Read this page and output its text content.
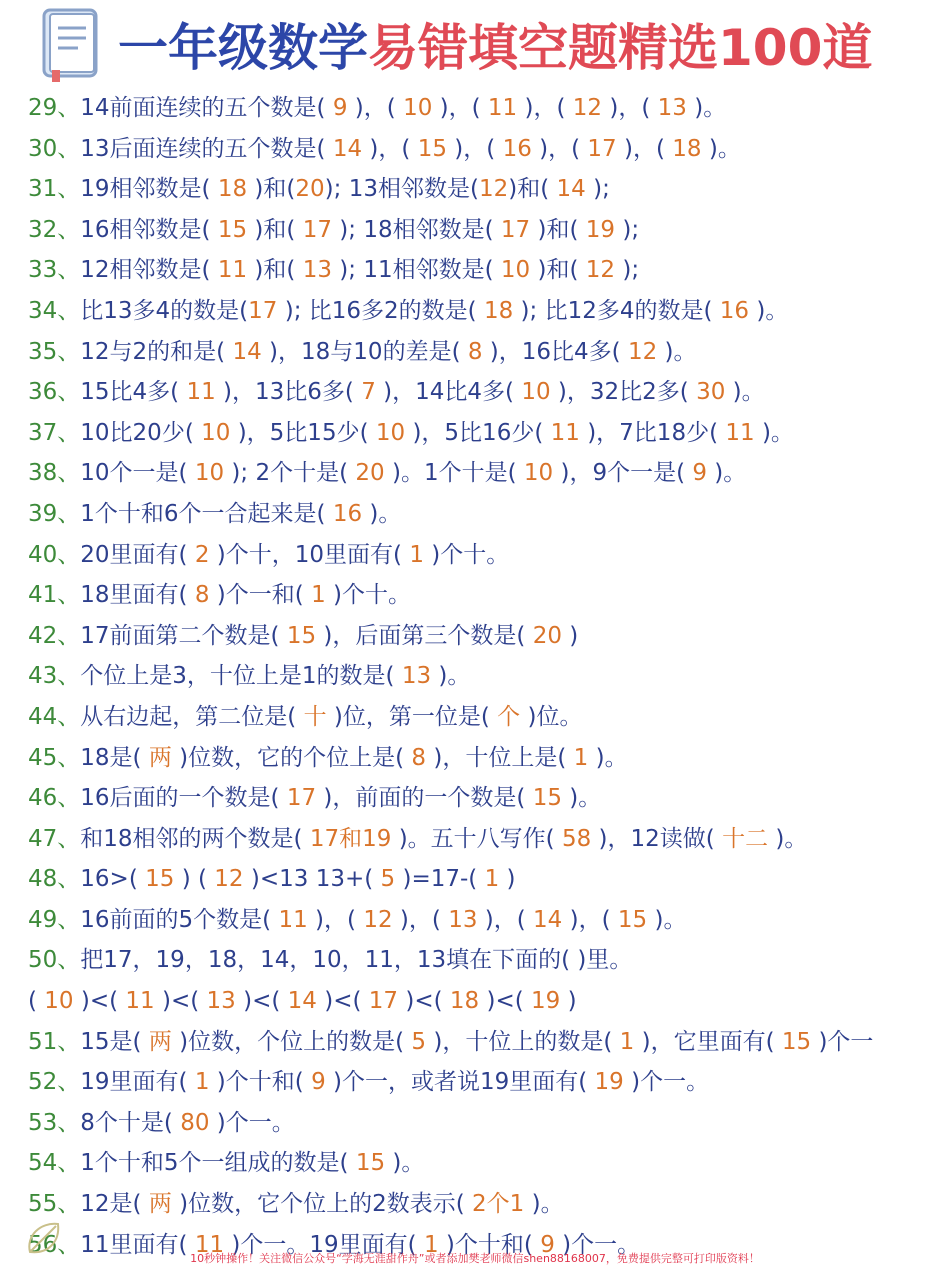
一年级数学易错填空题精选100道
29、14前面连续的五个数是( 9 )，( 10 )，( 11 )，( 12 )，( 13 )。
30、13后面连续的五个数是( 14 )，( 15 )，( 16 )，( 17 )，( 18 )。
31、19相邻数是( 18 )和(20); 13相邻数是(12)和( 14 );
32、16相邻数是( 15 )和( 17 ); 18相邻数是( 17 )和( 19 );
33、12相邻数是( 11 )和( 13 ); 11相邻数是( 10 )和( 12 );
34、比13多4的数是(17 ); 比16多2的数是( 18 ); 比12多4的数是( 16 )。
35、12与2的和是( 14 )，18与10的差是( 8 )，16比4多( 12 )。
36、15比4多( 11 )，13比6多( 7 )，14比4多( 10 )，32比2多( 30 )。
37、10比20少( 10 )，5比15少( 10 )，5比16少( 11 )，7比18少( 11 )。
38、10个一是( 10 ); 2个十是( 20 )。1个十是( 10 )，9个一是( 9 )。
39、1个十和6个一合起来是( 16 )。
40、20里面有( 2 )个十，10里面有( 1 )个十。
41、18里面有( 8 )个一和( 1 )个十。
42、17前面第二个数是( 15 )，后面第三个数是( 20 )
43、个位上是3，十位上是1的数是( 13 )。
44、从右边起，第二位是( 十 )位，第一位是( 个 )位。
45、18是( 两 )位数，它的个位上是( 8 )，十位上是( 1 )。
46、16后面的一个数是( 17 )，前面的一个数是( 15 )。
47、和18相邻的两个数是( 17和19 )。五十八写作( 58 )，12读做( 十二 )。
48、16>( 15 ) ( 12 )<13 13+( 5 )=17-( 1 )
49、16前面的5个数是( 11 )，( 12 )，( 13 )，( 14 )，( 15 )。
50、把17，19，18，14，10，11，13填在下面的( )里。
( 10 )<( 11 )<( 13 )<( 14 )<( 17 )<( 18 )<( 19 )
51、15是( 两 )位数，个位上的数是( 5 )，十位上的数是( 1 )，它里面有( 15 )个一
52、19里面有( 1 )个十和( 9 )个一，或者说19里面有( 19 )个一。
53、8个十是( 80 )个一。
54、1个十和5个一组成的数是( 15 )。
55、12是( 两 )位数，它个位上的2数表示( 2个1 )。
56、11里面有( 11 )个一。19里面有( 1 )个十和( 9 )个一。
10秒钟操作！关注微信公众号“学海无涯甜作舟”或者添加樊老师微信shen88168007，免费提供完整可打印版资料！
